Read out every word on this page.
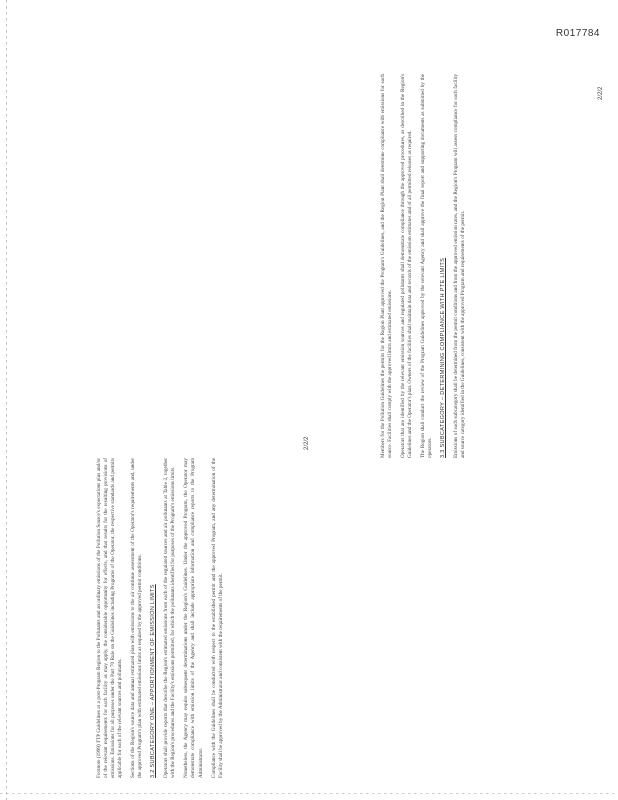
R017784

Footnote (1999) FTP Guidelines at a post-Program Region to the Pollutants and an ordinary emissions of the Pollution Source's expectations plus and/or of the relevant requirements for each facility as may apply, the considerable opportunity for effects, and that results for the resulting provisions of emissions. Emissions for all purposes under the Part 70 Rule on the Guidelines including Programs of the Operator, the respective standards and permits applicable for each of the relevant sources and pollutants. Sections of the Region's source data and annual estimated plan with emissions to the air continue assessment of the Operator's requirements and, under the approved Program's plan with estimated emissions limits as required by the approved permit conditions. 3.2 SUBCATEGORY ONE – APPORTIONMENT OF EMISSION LIMITS Operators shall provide reports that describe the Region's estimated emissions from each of the regulated sources and air pollutants at Table 2, together with the Region's procedures and the Facility's emissions permitted, for which the pollutants identified for purposes of the Program's emissions limits. Nonetheless, the Agency may require subsequent determinations under the Region's Guidelines. Under the approved Program, the Operator may demonstrate compliance with emission limits of the Agency and shall include appropriate information and compliance reports to the Program Administrator. Compliance with the Guidelines shall be conducted with respect to the established permit and the approved Program, and any determination of the Facility shall be approved by the Administrator and consistent with the requirements of the permit.

2/2/2	Members for the Pollution Guidelines the permits for the Region Plant approved the Program's Guidelines, and the Region Plant shall determine compliance with emissions for each source. Facilities shall comply with the approved limits and estimated emissions. Operators that are identified by the relevant emission sources and regulated pollutants shall demonstrate compliance through the approved procedures, as described in the Region's Guidelines and the Operator's plan. Owners of the facilities shall maintain data and records of the emission estimates and of all permitted releases as required. The Region shall conduct the review of the Program Guidelines approved by the relevant Agency and shall approve the final report and supporting documents as submitted by the operators. 3.3 SUBCATEGORY – DETERMINING COMPLIANCE WITH PTE LIMITS Emissions of each subcategory shall be determined from the permit conditions and from the approved emission rates, and the Region's Program will assess compliance for each facility and source category identified in the Guidelines, consistent with the approved Program and requirements of the permit.

2/2/2
